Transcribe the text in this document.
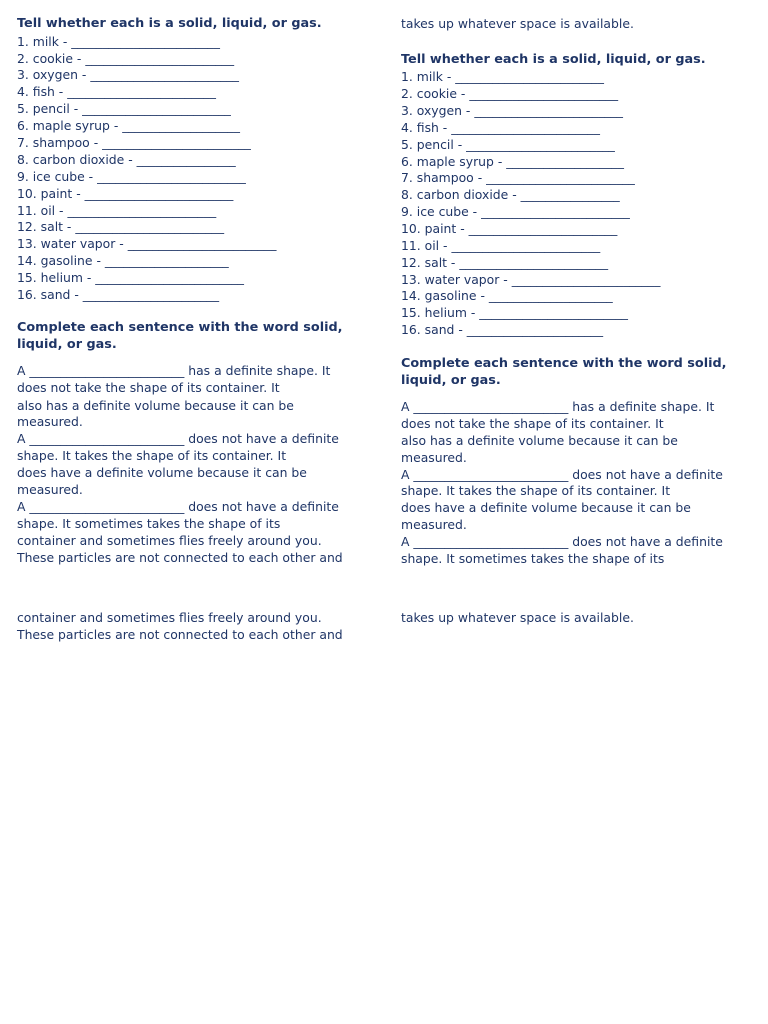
Tell whether each is a solid, liquid, or gas.
1. milk - ________________________
2. cookie - ________________________
3. oxygen - ________________________
4. fish - ________________________
5. pencil - ________________________
6. maple syrup - ___________________
7. shampoo - ________________________
8. carbon dioxide - ________________
9. ice cube - ________________________
10. paint - ________________________
11. oil - ________________________
12. salt - ________________________
13. water vapor - ________________________
14. gasoline - ____________________
15. helium - ________________________
16. sand - ______________________
Complete each sentence with the word solid,
liquid, or gas.
A _________________________ has a definite shape. It
does not take the shape of its container. It
also has a definite volume because it can be
measured.
A _________________________ does not have a definite
shape. It takes the shape of its container. It
does have a definite volume because it can be
measured.
A _________________________ does not have a definite
shape. It sometimes takes the shape of its
container and sometimes flies freely around you.
These particles are not connected to each other and
container and sometimes flies freely around you.
These particles are not connected to each other and
takes up whatever space is available.
Tell whether each is a solid, liquid, or gas.
1. milk - ________________________
2. cookie - ________________________
3. oxygen - ________________________
4. fish - ________________________
5. pencil - ________________________
6. maple syrup - ___________________
7. shampoo - ________________________
8. carbon dioxide - ________________
9. ice cube - ________________________
10. paint - ________________________
11. oil - ________________________
12. salt - ________________________
13. water vapor - ________________________
14. gasoline - ____________________
15. helium - ________________________
16. sand - ______________________
Complete each sentence with the word solid,
liquid, or gas.
A _________________________ has a definite shape. It
does not take the shape of its container. It
also has a definite volume because it can be
measured.
A _________________________ does not have a definite
shape. It takes the shape of its container. It
does have a definite volume because it can be
measured.
A _________________________ does not have a definite
shape. It sometimes takes the shape of its
takes up whatever space is available.
